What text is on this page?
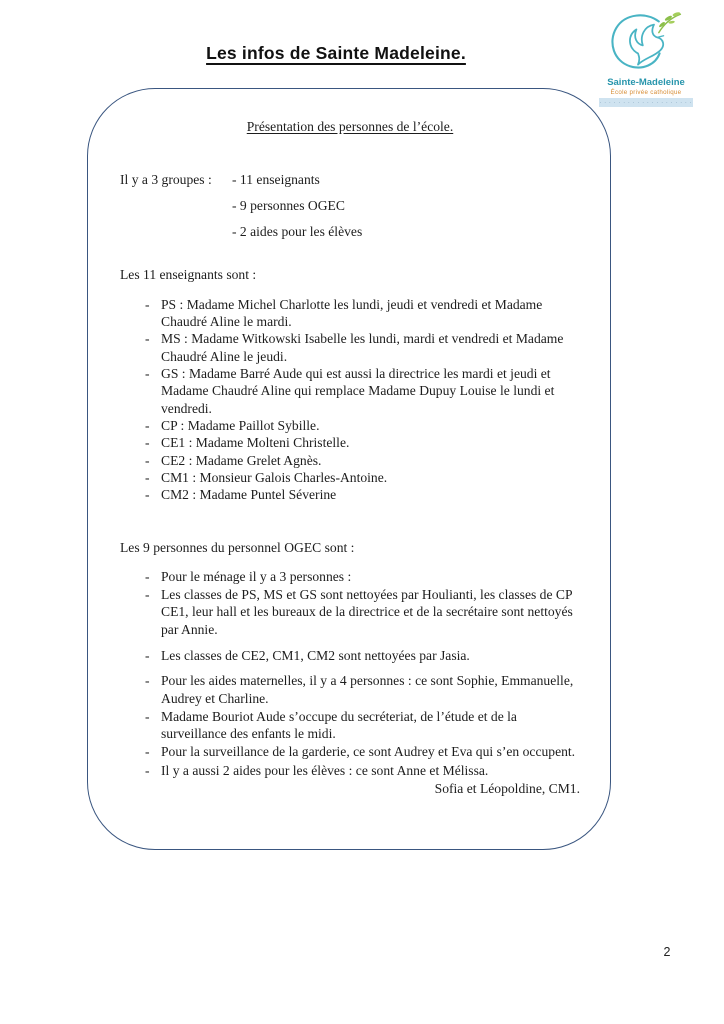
Les infos de Sainte Madeleine.
Sainte-Madeleine
École privée catholique
· · · · · · · · · · · · · · · · · · · ·
Présentation des personnes de l’école.
Il y a 3 groupes :	- 11 enseignants
- 9 personnes OGEC
- 2 aides pour les élèves
Les 11 enseignants sont :
- PS : Madame Michel Charlotte les lundi, jeudi et vendredi et Madame Chaudré Aline le mardi.
- MS : Madame Witkowski Isabelle les lundi, mardi et vendredi et Madame Chaudré Aline le jeudi.
- GS : Madame Barré Aude qui est aussi la directrice les mardi et jeudi et Madame Chaudré Aline qui remplace Madame Dupuy Louise le lundi et vendredi.
- CP : Madame Paillot Sybille.
- CE1 : Madame Molteni Christelle.
- CE2 : Madame Grelet Agnès.
- CM1 : Monsieur Galois Charles-Antoine.
- CM2 : Madame Puntel Séverine
Les 9 personnes du personnel OGEC sont :
- Pour le ménage il y a 3 personnes :
- Les classes de PS, MS et GS sont nettoyées par Houlianti, les classes de CP CE1, leur hall et les bureaux de la directrice et de la secrétaire sont nettoyés par Annie.
- Les classes de CE2, CM1, CM2 sont nettoyées par Jasia.
- Pour les aides maternelles, il y a 4 personnes : ce sont Sophie, Emmanuelle, Audrey et Charline.
- Madame Bouriot Aude s’occupe du secréteriat, de l’étude et de la surveillance des enfants le midi.
- Pour la surveillance de la garderie, ce sont Audrey et Eva qui s’en occupent.
- Il y a aussi 2 aides pour les élèves : ce sont Anne et Mélissa.
Sofia et Léopoldine, CM1.
2
